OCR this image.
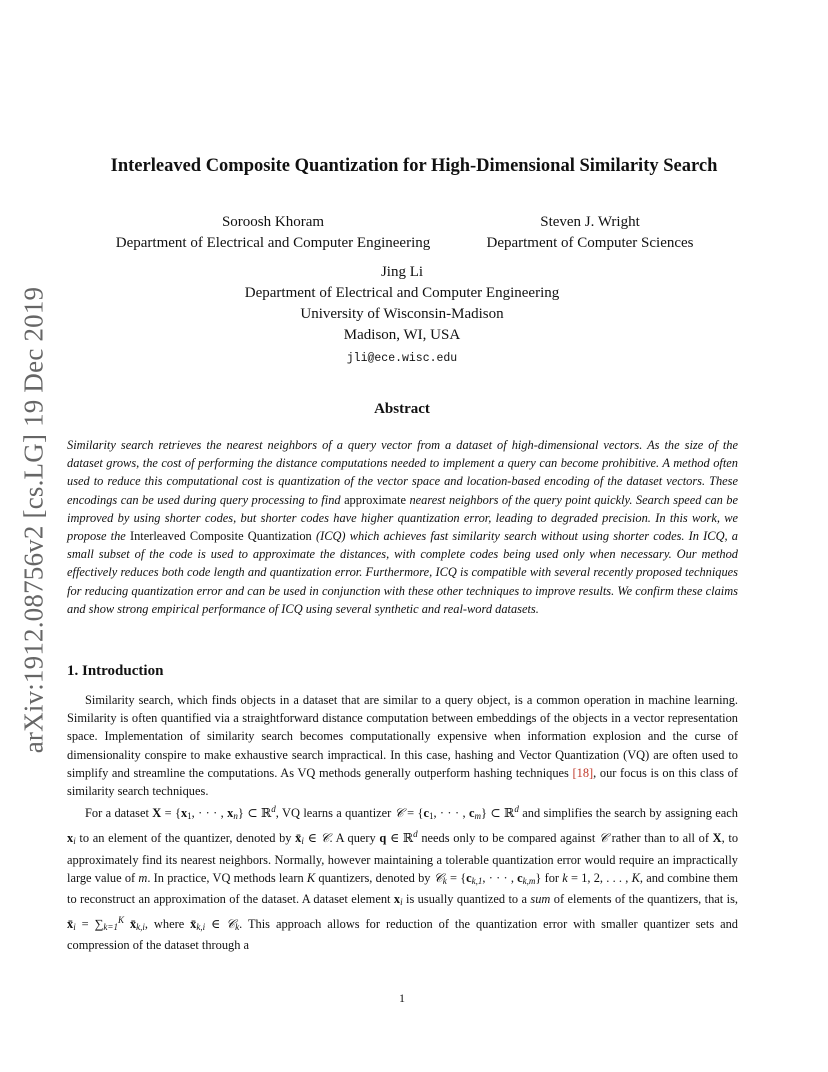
arXiv:1912.08756v2 [cs.LG] 19 Dec 2019
Interleaved Composite Quantization for High-Dimensional Similarity Search
Soroosh Khoram
Department of Electrical and Computer Engineering
Steven J. Wright
Department of Computer Sciences
Jing Li
Department of Electrical and Computer Engineering
University of Wisconsin-Madison
Madison, WI, USA
jli@ece.wisc.edu
Abstract

Similarity search retrieves the nearest neighbors of a query vector from a dataset of high-dimensional vectors. As the size of the dataset grows, the cost of performing the distance computations needed to implement a query can become prohibitive. A method often used to reduce this computational cost is quantization of the vector space and location-based encoding of the dataset vectors. These encodings can be used during query processing to find approximate nearest neighbors of the query point quickly. Search speed can be improved by using shorter codes, but shorter codes have higher quantization error, leading to degraded precision. In this work, we propose the Interleaved Composite Quantization (ICQ) which achieves fast similarity search without using shorter codes. In ICQ, a small subset of the code is used to approximate the distances, with complete codes being used only when necessary. Our method effectively reduces both code length and quantization error. Furthermore, ICQ is compatible with several recently proposed techniques for reducing quantization error and can be used in conjunction with these other techniques to improve results. We confirm these claims and show strong empirical performance of ICQ using several synthetic and real-word datasets.

1. Introduction

Similarity search, which finds objects in a dataset that are similar to a query object, is a common operation in machine learning. Similarity is often quantified via a straightforward distance computation between embeddings of the objects in a vector representation space. Implementation of similarity search becomes computationally expensive when information explosion and the curse of dimensionality conspire to make exhaustive search impractical. In this case, hashing and Vector Quantization (VQ) are often used to simplify and streamline the computations. As VQ methods generally outperform hashing techniques [18], our focus is on this class of similarity search techniques.

For a dataset $X = \{x_1$, · · · , $x_n$} ⊂ ℝ$^d$, VQ learns a quantizer 𝒞 = {$c_1$, · · · , $c_m$} ⊂ ℝ$^d$ and simplifies the search by assigning each $x_i$ to an element of the quantizer, denoted by $x̄_i$ ∈ 𝒞. A query q ∈ ℝ$^d$ needs only to be compared against 𝒞 rather than to all of X, to approximately find its nearest neighbors. Normally, however maintaining a tolerable quantization error would require an impractically large value of m. In practice, VQ methods learn K quantizers, denoted by 𝒞$_k$ = {$c_{k,1}$, · · · , $c_{k,m}$} for k = 1, 2, . . . , K, and combine them to reconstruct an approximation of the dataset. A dataset element $x_i$ is usually quantized to a sum of elements of the quantizers, that is, $x̄_i = \sum_{k=1}^K$ $x̄_{k,i}$, where $x̄_{k,i}$ ∈ 𝒞$_k$. This approach allows for reduction of the quantization error with smaller quantizer sets and compression of the dataset through a

1
